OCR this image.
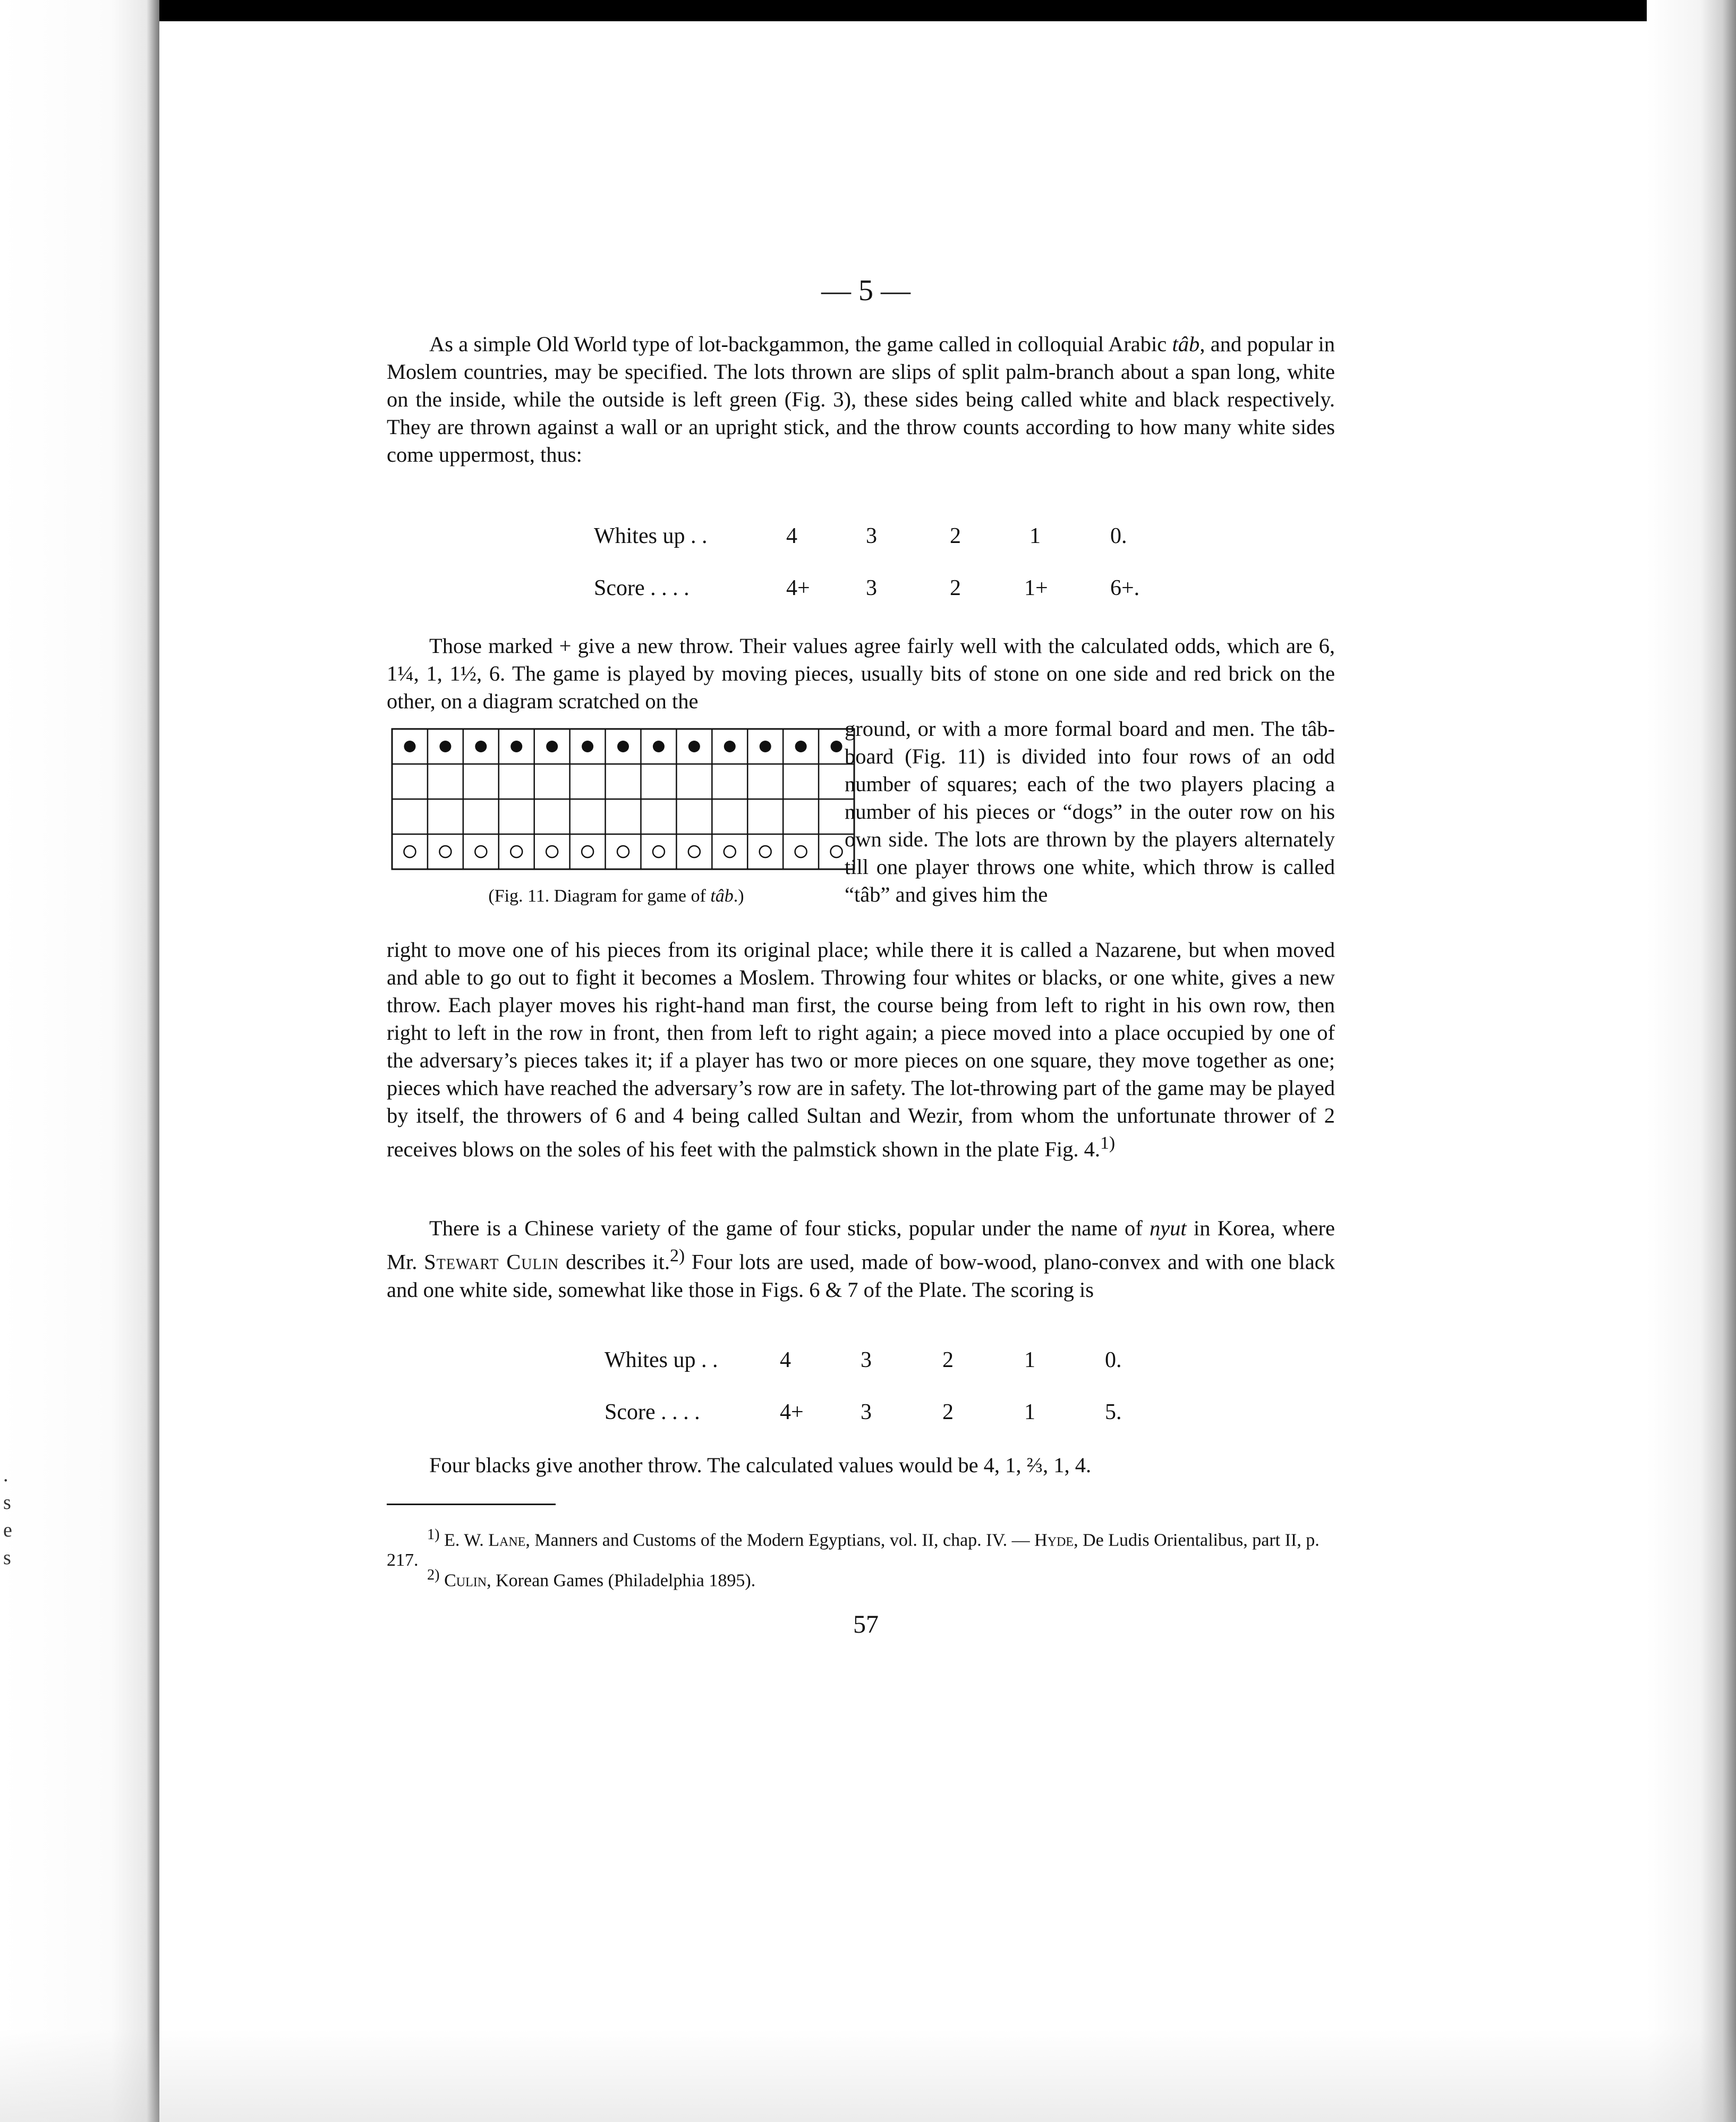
.
s
e
s
— 5 —

As a simple Old World type of lot-backgammon, the game called in colloquial Arabic tâb, and popular in Moslem countries, may be specified. The lots thrown are slips of split palm-branch about a span long, white on the inside, while the outside is left green (Fig. 3), these sides being called white and black respectively. They are thrown against a wall or an upright stick, and the throw counts according to how many white sides come uppermost, thus:

Whites up . .	4	3	2	1	0.
Score . . . .	4+	3	2	1+	6+.

Those marked + give a new throw. Their values agree fairly well with the calculated odds, which are 6, 1¼, 1, 1½, 6. The game is played by moving pieces, usually bits of stone on one side and red brick on the other, on a diagram scratched on the

(Fig. 11. Diagram for game of tâb.)

ground, or with a more formal board and men. The tâb-board (Fig. 11) is divided into four rows of an odd number of squares; each of the two players placing a number of his pieces or “dogs” in the outer row on his own side. The lots are thrown by the players alternately till one player throws one white, which throw is called “tâb” and gives him the

right to move one of his pieces from its original place; while there it is called a Nazarene, but when moved and able to go out to fight it becomes a Moslem. Throwing four whites or blacks, or one white, gives a new throw. Each player moves his right-hand man first, the course being from left to right in his own row, then right to left in the row in front, then from left to right again; a piece moved into a place occupied by one of the adversary’s pieces takes it; if a player has two or more pieces on one square, they move together as one; pieces which have reached the adversary’s row are in safety. The lot-throwing part of the game may be played by itself, the throwers of 6 and 4 being called Sultan and Wezir, from whom the unfortunate thrower of 2 receives blows on the soles of his feet with the palmstick shown in the plate Fig. 4.$^{1)}$

There is a Chinese variety of the game of four sticks, popular under the name of nyut in Korea, where Mr. Stewart Culin describes it.$^{2)}$ Four lots are used, made of bow-wood, plano-convex and with one black and one white side, somewhat like those in Figs. 6 & 7 of the Plate. The scoring is

Whites up . .	4	3	2	1	0.
Score . . . .	4+	3	2	1	5.

Four blacks give another throw. The calculated values would be 4, 1, ⅔, 1, 4.

$^{1)}$ E. W. Lane, Manners and Customs of the Modern Egyptians, vol. II, chap. IV. — Hyde, De Ludis Orientalibus, part II, p. 217.

$^{2)}$ Culin, Korean Games (Philadelphia 1895).

57
